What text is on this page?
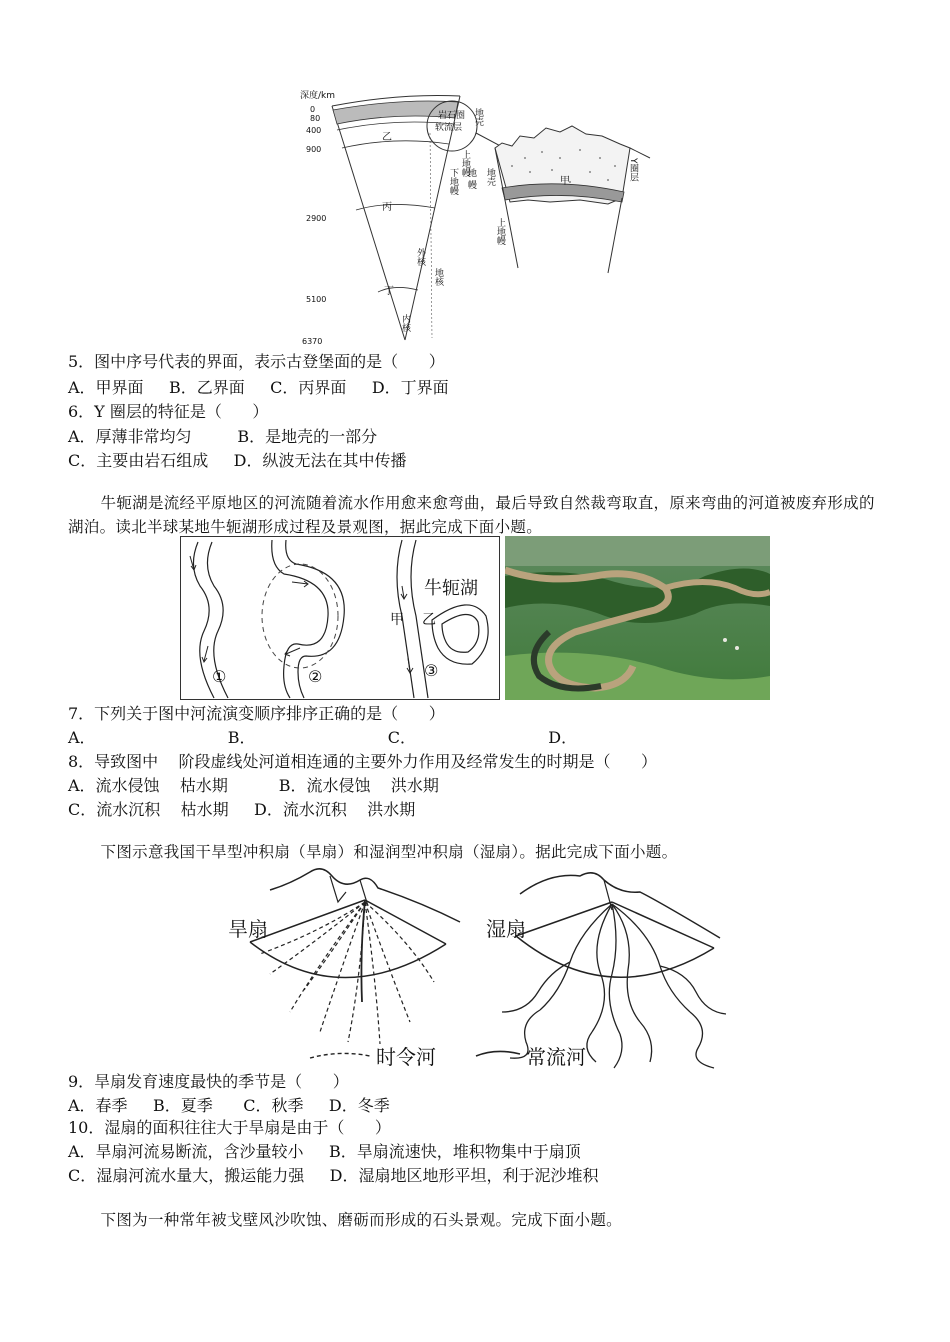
深度/km
0
80
400
900
2900
5100
6370
乙
丙
丁
地壳
岩石圈
软流层
上地幔
下地幔 地
幔
外核
地核
内核
甲
地壳
上地幔
Y圈层
5．图中序号代表的界面，表示古登堡面的是（      ）
A．甲界面     B．乙界面     C．丙界面     D．丁界面
6．Y 圈层的特征是（      ）
A．厚薄非常均匀         B．是地壳的一部分
C．主要由岩石组成     D．纵波无法在其中传播
牛轭湖是流经平原地区的河流随着流水作用愈来愈弯曲，最后导致自然裁弯取直，原来弯曲的河道被废弃形成的湖泊。读北半球某地牛轭湖形成过程及景观图，据此完成下面小题。
①	②
牛轭湖
甲 乙
③
7．下列关于图中河流演变顺序排序正确的是（      ）
A．                          B．                          C．                          D．
8．导致图中    阶段虚线处河道相连通的主要外力作用及经常发生的时期是（      ）
A．流水侵蚀    枯水期          B．流水侵蚀    洪水期
C．流水沉积    枯水期     D．流水沉积    洪水期
下图示意我国干旱型冲积扇（旱扇）和湿润型冲积扇（湿扇）。据此完成下面小题。
旱扇	湿扇
时令河	常流河
9．旱扇发育速度最快的季节是（      ）
A．春季     B．夏季      C．秋季     D．冬季
10．湿扇的面积往往大于旱扇是由于（      ）
A．旱扇河流易断流，含沙量较小     B．旱扇流速快，堆积物集中于扇顶
C．湿扇河流水量大，搬运能力强     D．湿扇地区地形平坦，利于泥沙堆积
下图为一种常年被戈壁风沙吹蚀、磨砺而形成的石头景观。完成下面小题。
